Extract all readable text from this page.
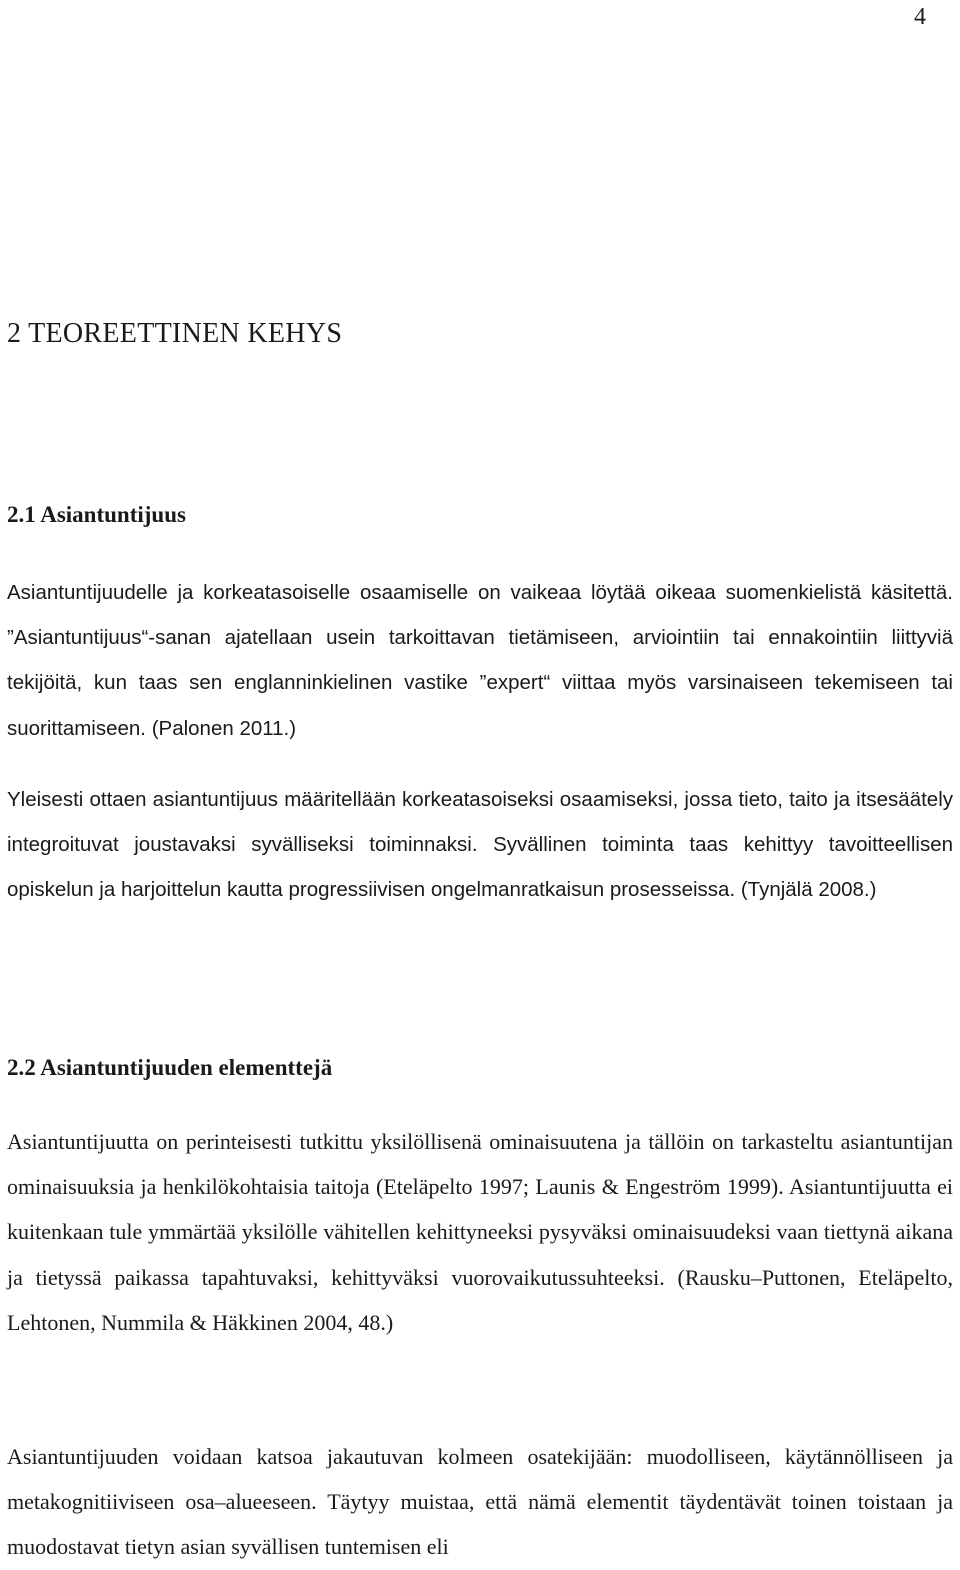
4
2 TEOREETTINEN KEHYS
2.1 Asiantuntijuus

Asiantuntijuudelle ja korkeatasoiselle osaamiselle on vaikeaa löytää oikeaa suomenkielistä käsitettä. ”Asiantuntijuus“-sanan ajatellaan usein tarkoittavan tietämiseen, arviointiin tai ennakointiin liittyviä tekijöitä, kun taas sen englanninkielinen vastike ”expert“ viittaa myös varsinaiseen tekemiseen tai suorittamiseen. (Palonen 2011.)

Yleisesti ottaen asiantuntijuus määritellään korkeatasoiseksi osaamiseksi, jossa tieto, taito ja itsesäätely integroituvat joustavaksi syvälliseksi toiminnaksi. Syvällinen toiminta taas kehittyy tavoitteellisen opiskelun ja harjoittelun kautta progressiivisen ongelmanratkaisun prosesseissa. (Tynjälä 2008.)

2.2 Asiantuntijuuden elementtejä

Asiantuntijuutta on perinteisesti tutkittu yksilöllisenä ominaisuutena ja tällöin on tarkasteltu asiantuntijan ominaisuuksia ja henkilökohtaisia taitoja (Eteläpelto 1997; Launis & Engeström 1999). Asiantuntijuutta ei kuitenkaan tule ymmärtää yksilölle vähitellen kehittyneeksi pysyväksi ominaisuudeksi vaan tiettynä aikana ja tietyssä paikassa tapahtuvaksi, kehittyväksi vuorovaikutussuhteeksi. (Rausku–Puttonen, Eteläpelto, Lehtonen, Nummila & Häkkinen 2004, 48.)

Asiantuntijuuden voidaan katsoa jakautuvan kolmeen osatekijään: muodolliseen, käytännölliseen ja metakognitiiviseen osa–alueeseen. Täytyy muistaa, että nämä elementit täydentävät toinen toistaan ja muodostavat tietyn asian syvällisen tuntemisen eli
